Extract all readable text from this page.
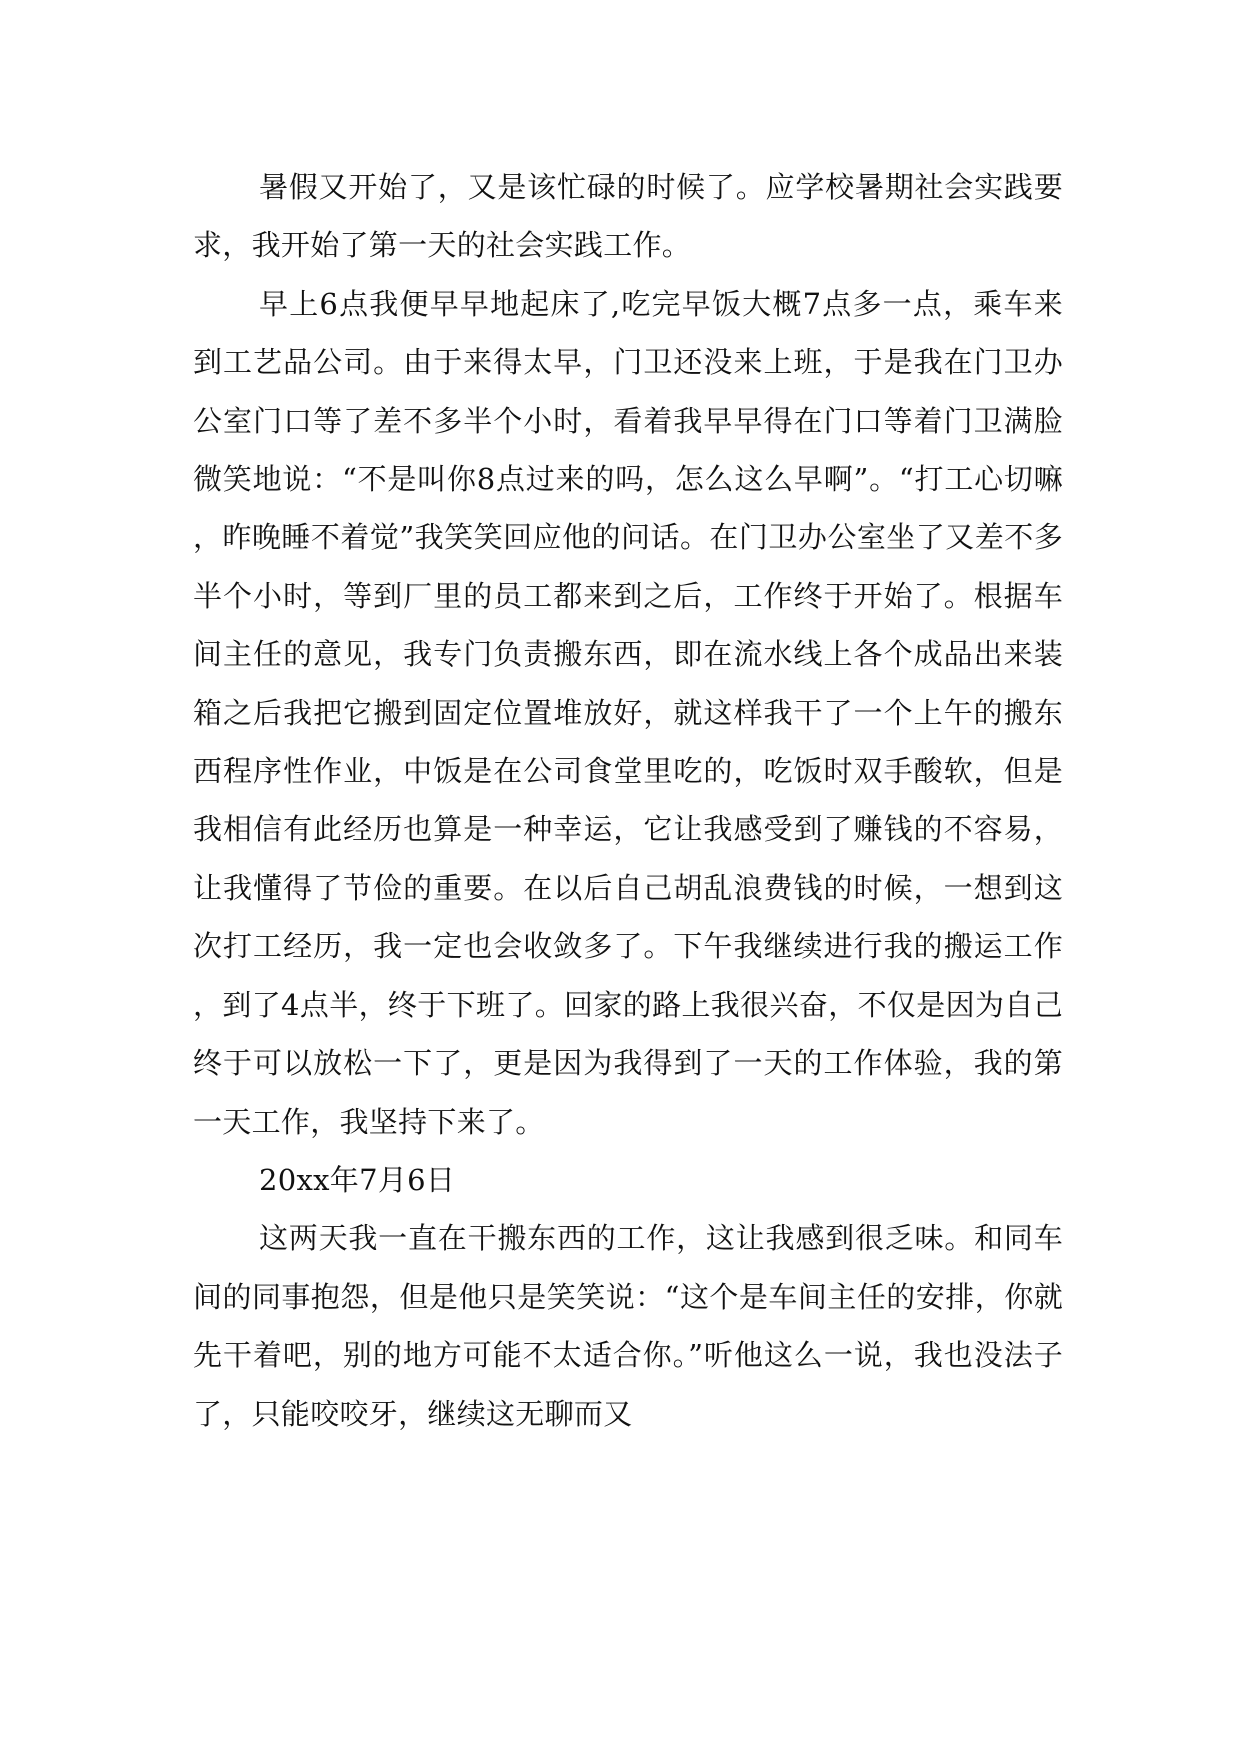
暑假又开始了，又是该忙碌的时候了。应学校暑期社会实践要求，我开始了第一天的社会实践工作。

早上6点我便早早地起床了,吃完早饭大概7点多一点，乘车来到工艺品公司。由于来得太早，门卫还没来上班，于是我在门卫办公室门口等了差不多半个小时，看着我早早得在门口等着门卫满脸微笑地说：“不是叫你8点过来的吗，怎么这么早啊”。“打工心切嘛，昨晚睡不着觉”我笑笑回应他的问话。在门卫办公室坐了又差不多半个小时，等到厂里的员工都来到之后，工作终于开始了。根据车间主任的意见，我专门负责搬东西，即在流水线上各个成品出来装箱之后我把它搬到固定位置堆放好，就这样我干了一个上午的搬东西程序性作业，中饭是在公司食堂里吃的，吃饭时双手酸软，但是我相信有此经历也算是一种幸运，它让我感受到了赚钱的不容易，让我懂得了节俭的重要。在以后自己胡乱浪费钱的时候，一想到这次打工经历，我一定也会收敛多了。下午我继续进行我的搬运工作，到了4点半，终于下班了。回家的路上我很兴奋，不仅是因为自己终于可以放松一下了，更是因为我得到了一天的工作体验，我的第一天工作，我坚持下来了。

20xx年7月6日

这两天我一直在干搬东西的工作，这让我感到很乏味。和同车间的同事抱怨，但是他只是笑笑说：“这个是车间主任的安排，你就先干着吧，别的地方可能不太适合你。”听他这么一说，我也没法子了，只能咬咬牙，继续这无聊而又
